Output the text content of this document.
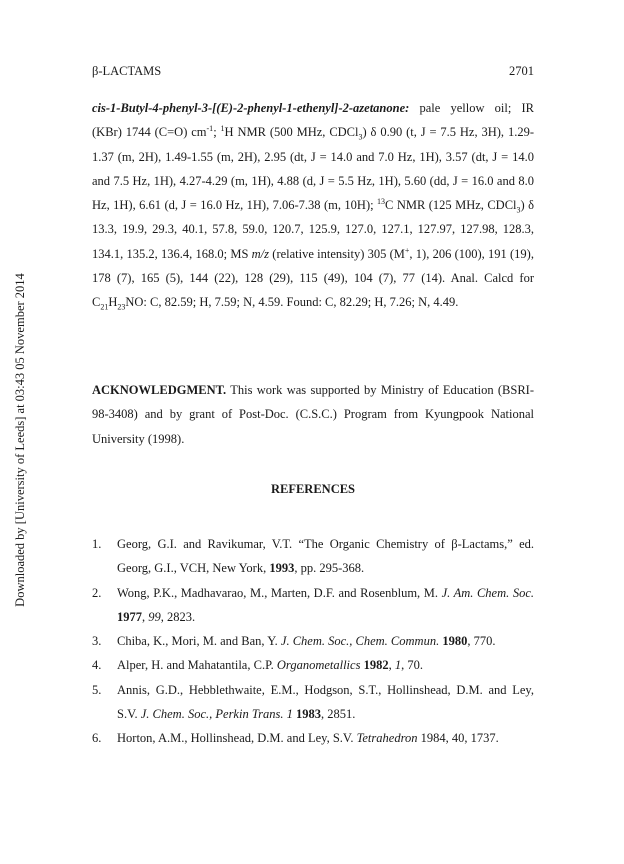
Downloaded by [University of Leeds] at 03:43 05 November 2014
β-LACTAMS	2701
cis-1-Butyl-4-phenyl-3-[(E)-2-phenyl-1-ethenyl]-2-azetanone: pale yellow oil; IR (KBr) 1744 (C=O) $cm^{-1}$; $^1$H NMR (500 MHz, CDCl$_3$) δ 0.90 (t, J = 7.5 Hz, 3H), 1.29-1.37 (m, 2H), 1.49-1.55 (m, 2H), 2.95 (dt, J = 14.0 and 7.0 Hz, 1H), 3.57 (dt, J = 14.0 and 7.5 Hz, 1H), 4.27-4.29 (m, 1H), 4.88 (d, J = 5.5 Hz, 1H), 5.60 (dd, J = 16.0 and 8.0 Hz, 1H), 6.61 (d, J = 16.0 Hz, 1H), 7.06-7.38 (m, 10H); $^{13}$C NMR (125 MHz, CDCl$_3$) δ 13.3, 19.9, 29.3, 40.1, 57.8, 59.0, 120.7, 125.9, 127.0, 127.1, 127.97, 127.98, 128.3, 134.1, 135.2, 136.4, 168.0; MS m/z (relative intensity) 305 (M+, 1), 206 (100), 191 (19), 178 (7), 165 (5), 144 (22), 128 (29), 115 (49), 104 (7), 77 (14). Anal. Calcd for $C_{21}H_{23}NO$: C, 82.59; H, 7.59; N, 4.59. Found: C, 82.29; H, 7.26; N, 4.49.
ACKNOWLEDGMENT. This work was supported by Ministry of Education (BSRI-98-3408) and by grant of Post-Doc. (C.S.C.) Program from Kyungpook National University (1998).
REFERENCES
1. Georg, G.I. and Ravikumar, V.T. “The Organic Chemistry of β-Lactams,” ed. Georg, G.I., VCH, New York, 1993, pp. 295-368.
2. Wong, P.K., Madhavarao, M., Marten, D.F. and Rosenblum, M. J. Am. Chem. Soc. 1977, 99, 2823.
3. Chiba, K., Mori, M. and Ban, Y. J. Chem. Soc., Chem. Commun. 1980, 770.
4. Alper, H. and Mahatantila, C.P. Organometallics 1982, 1, 70.
5. Annis, G.D., Hebblethwaite, E.M., Hodgson, S.T., Hollinshead, D.M. and Ley, S.V. J. Chem. Soc., Perkin Trans. 1 1983, 2851.
6. Horton, A.M., Hollinshead, D.M. and Ley, S.V. Tetrahedron 1984, 40, 1737.
